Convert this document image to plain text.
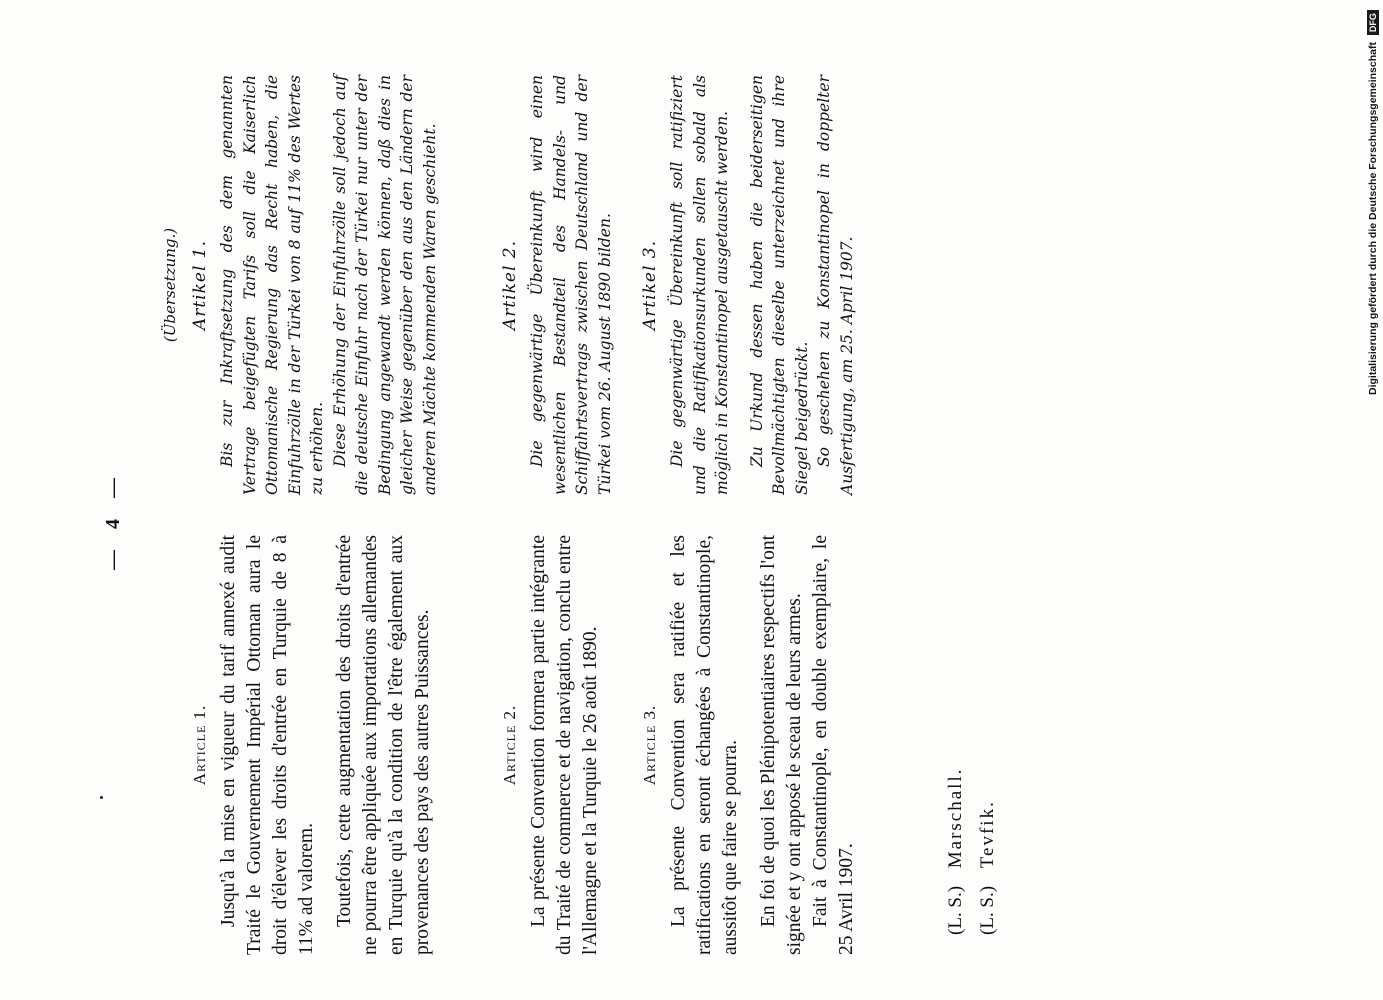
— 4 —
Article 1. Jusqu'à la mise en vigueur du tarif annexé audit Traité le Gouvernement Impérial Ottoman aura le droit d'élever les droits d'entrée en Turquie de 8 à 11% ad valorem. Toutefois, cette augmentation des droits d'entrée ne pourra être appliquée aux importations allemandes en Turquie qu'à la condition de l'être également aux provenances des pays des autres Puissances.	Article 2. La présente Convention formera partie intégrante du Traité de commerce et de navigation, conclu entre l'Allemagne et la Turquie le 26 août 1890. Article 3. La présente Convention sera ratifiée et les ratifications en seront échangées à Constantinople, aussitôt que faire se pourra. En foi de quoi les Plénipotentiaires respectifs l'ont signée et y ont apposé le sceau de leurs armes. Fait à Constantinople, en double exemplaire, le 25 Avril 1907.

(Übersetzung.) Artikel 1. Bis zur Inkraftsetzung des dem genannten Vertrage beigefügten Tarifs soll die Kaiserlich Ottomanische Regierung das Recht haben, die Einfuhrzölle in der Türkei von 8 auf 11% des Wertes zu erhöhen. Diese Erhöhung der Einfuhrzölle soll jedoch auf die deutsche Einfuhr nach der Türkei nur unter der Bedingung angewandt werden können, daß dies in gleicher Weise gegenüber den aus den Ländern der anderen Mächte kommenden Waren geschieht.	Artikel 2. Die gegenwärtige Übereinkunft wird einen wesentlichen Bestandteil des Handels- und Schiffahrtsvertrags zwischen Deutschland und der Türkei vom 26. August 1890 bilden. Artikel 3. Die gegenwärtige Übereinkunft soll ratifiziert und die Ratifikationsurkunden sollen sobald als möglich in Konstantinopel ausgetauscht werden. Zu Urkund dessen haben die beiderseitigen Bevollmächtigten dieselbe unterzeichnet und ihre Siegel beigedrückt. So geschehen zu Konstantinopel in doppelter Ausfertigung, am 25. April 1907.

(L. S.) Marschall.
(L. S.) Tevfik.
Digitalisierung gefördert durch die Deutsche Forschungsgemeinschaft DFG
